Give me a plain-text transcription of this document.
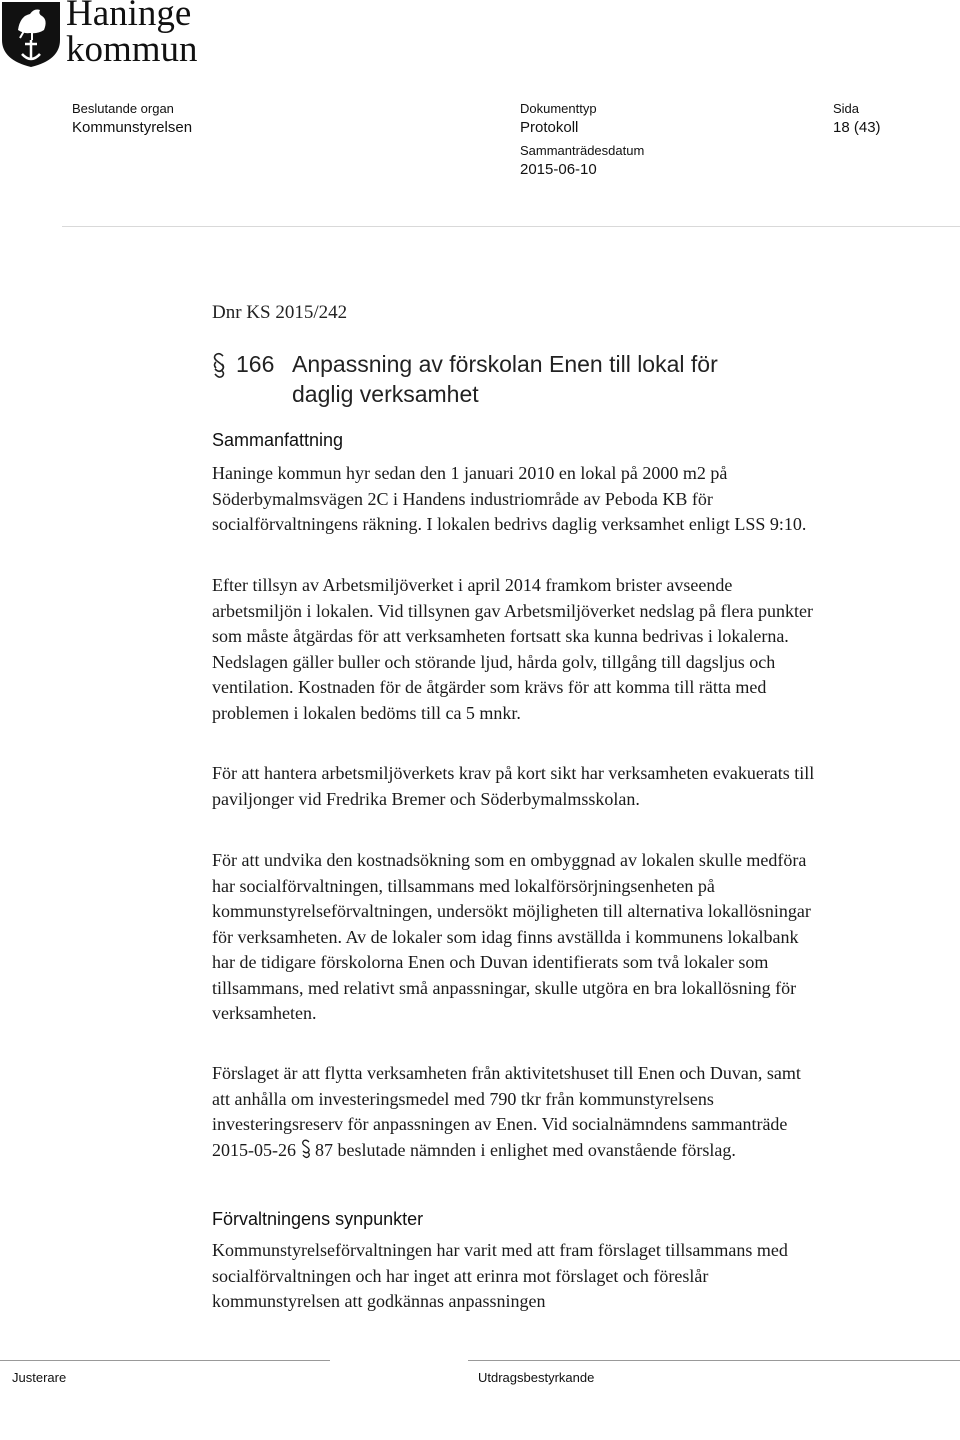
Haninge
kommun
Beslutande organ
Kommunstyrelsen
Dokumenttyp
Protokoll
Sammanträdesdatum
2015-06-10
Sida
18 (43)
Dnr KS 2015/242
166 Anpassning av förskolan Enen till lokal för
daglig verksamhet
Sammanfattning

Haninge kommun hyr sedan den 1 januari 2010 en lokal på 2000 m2 på Söderbymalmsvägen 2C i Handens industriområde av Peboda KB för socialförvaltningens räkning. I lokalen bedrivs daglig verksamhet enligt LSS 9:10.

Efter tillsyn av Arbetsmiljöverket i april 2014 framkom brister avseende arbetsmiljön i lokalen. Vid tillsynen gav Arbetsmiljöverket nedslag på flera punkter som måste åtgärdas för att verksamheten fortsatt ska kunna bedrivas i lokalerna. Nedslagen gäller buller och störande ljud, hårda golv, tillgång till dagsljus och ventilation. Kostnaden för de åtgärder som krävs för att komma till rätta med problemen i lokalen bedöms till ca 5 mnkr.

För att hantera arbetsmiljöverkets krav på kort sikt har verksamheten evakuerats till paviljonger vid Fredrika Bremer och Söderbymalmsskolan.

För att undvika den kostnadsökning som en ombyggnad av lokalen skulle medföra har socialförvaltningen, tillsammans med lokalförsörjningsenheten på kommunstyrelseförvaltningen, undersökt möjligheten till alternativa lokallösningar för verksamheten. Av de lokaler som idag finns avställda i kommunens lokalbank har de tidigare förskolorna Enen och Duvan identifierats som två lokaler som tillsammans, med relativt små anpassningar, skulle utgöra en bra lokallösning för verksamheten.

Förslaget är att flytta verksamheten från aktivitetshuset till Enen och Duvan, samt att anhålla om investeringsmedel med 790 tkr från kommunstyrelsens investeringsreserv för anpassningen av Enen. Vid socialnämndens sammanträde 2015-05-26 87 beslutade nämnden i enlighet med ovanstående förslag.

Förvaltningens synpunkter

Kommunstyrelseförvaltningen har varit med att fram förslaget tillsammans med socialförvaltningen och har inget att erinra mot förslaget och föreslår kommunstyrelsen att godkännas anpassningen

Justerare	Utdragsbestyrkande
